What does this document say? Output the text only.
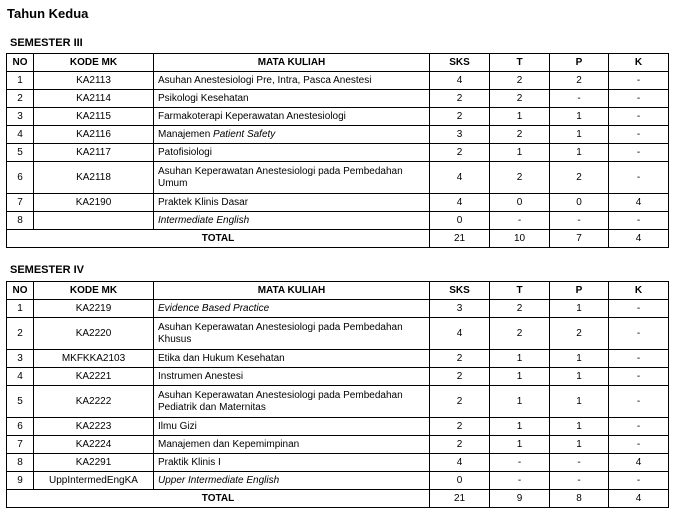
Tahun Kedua
SEMESTER III
NO	KODE MK	MATA KULIAH	SKS	T	P	K
1	KA2113	Asuhan Anestesiologi Pre, Intra, Pasca Anestesi	4	2	2	-
2	KA2114	Psikologi Kesehatan	2	2	-	-
3	KA2115	Farmakoterapi Keperawatan Anestesiologi	2	1	1	-
4	KA2116	Manajemen Patient Safety	3	2	1	-
5	KA2117	Patofisiologi	2	1	1	-
6	KA2118	Asuhan Keperawatan Anestesiologi pada Pembedahan Umum	4	2	2	-
7	KA2190	Praktek Klinis Dasar	4	0	0	4
8		Intermediate English	0	-	-	-
TOTAL			21	10	7	4
SEMESTER IV
NO	KODE MK	MATA KULIAH	SKS	T	P	K
1	KA2219	Evidence Based Practice	3	2	1	-
2	KA2220	Asuhan Keperawatan Anestesiologi pada Pembedahan Khusus	4	2	2	-
3	MKFKKA2103	Etika dan Hukum Kesehatan	2	1	1	-
4	KA2221	Instrumen Anestesi	2	1	1	-
5	KA2222	Asuhan Keperawatan Anestesiologi pada Pembedahan Pediatrik dan Maternitas	2	1	1	-
6	KA2223	Ilmu Gizi	2	1	1	-
7	KA2224	Manajemen dan Kepemimpinan	2	1	1	-
8	KA2291	Praktik Klinis I	4	-	-	4
9	UppIntermedEngKA	Upper Intermediate English	0	-	-	-
TOTAL			21	9	8	4
